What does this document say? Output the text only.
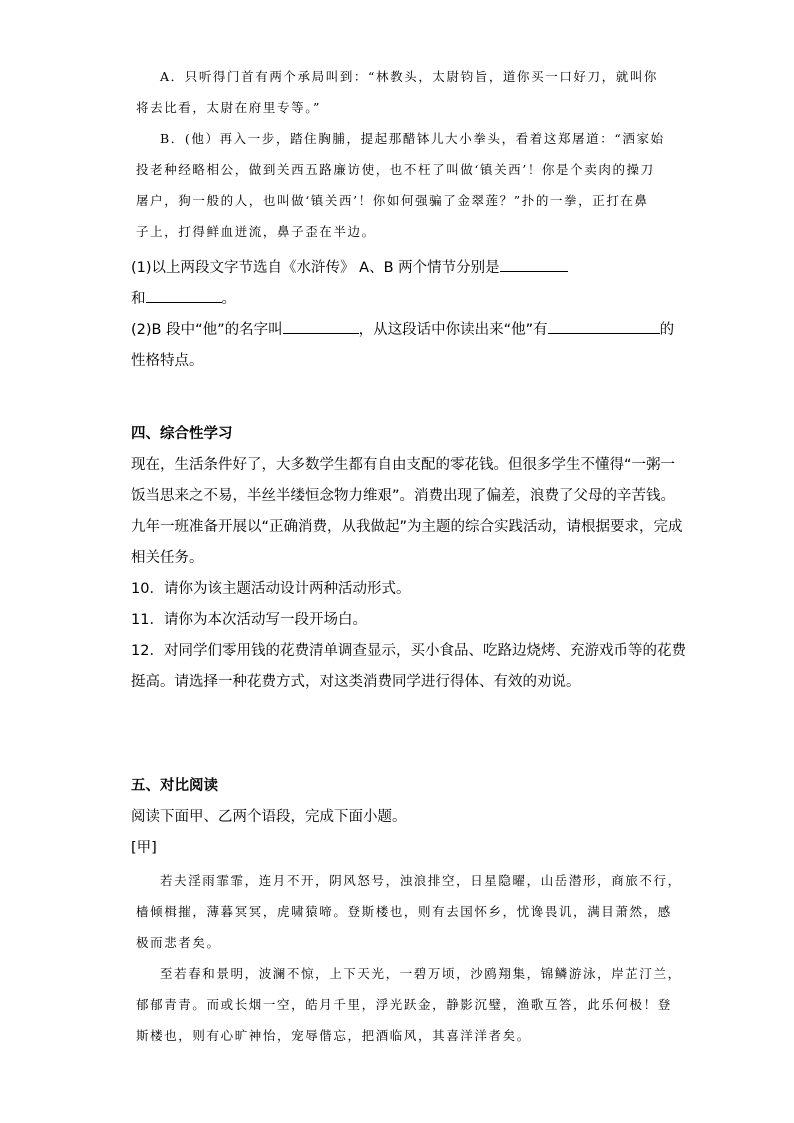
A．只听得门首有两个承局叫到：“林教头，太尉钧旨，道你买一口好刀，就叫你
将去比看，太尉在府里专等。”
B．(他）再入一步，踏住胸脯，提起那醋钵儿大小拳头，看着这郑屠道：“洒家始
投老种经略相公，做到关西五路廉访使，也不枉了叫做‘镇关西’！你是个卖肉的操刀
屠户，狗一般的人，也叫做‘镇关西’！你如何强骗了金翠莲？”扑的一拳，正打在鼻
子上，打得鲜血迸流，鼻子歪在半边。
(1)以上两段文字节选自《水浒传》 A、B 两个情节分别是
和	。
(2)B 段中“他”的名字叫	，从这段话中你读出来“他”有	的
性格特点。
四、综合性学习
现在，生活条件好了，大多数学生都有自由支配的零花钱。但很多学生不懂得“一粥一
饭当思来之不易，半丝半缕恒念物力维艰”。消费出现了偏差，浪费了父母的辛苦钱。
九年一班准备开展以“正确消费，从我做起”为主题的综合实践活动，请根据要求，完成
相关任务。
10．请你为该主题活动设计两种活动形式。
11．请你为本次活动写一段开场白。
12．对同学们零用钱的花费清单调查显示，买小食品、吃路边烧烤、充游戏币等的花费
挺高。请选择一种花费方式，对这类消费同学进行得体、有效的劝说。
五、对比阅读
阅读下面甲、乙两个语段，完成下面小题。
[甲]
若夫淫雨霏霏，连月不开，阴风怒号，浊浪排空，日星隐曜，山岳潜形，商旅不行，
樯倾楫摧，薄暮冥冥，虎啸猿啼。登斯楼也，则有去国怀乡，忧谗畏讥，满目萧然，感
极而悲者矣。
至若春和景明，波澜不惊，上下天光，一碧万顷，沙鸥翔集，锦鳞游泳，岸芷汀兰，
郁郁青青。而或长烟一空，皓月千里，浮光跃金，静影沉璧，渔歌互答，此乐何极！登
斯楼也，则有心旷神怡，宠辱偕忘，把酒临风，其喜洋洋者矣。
